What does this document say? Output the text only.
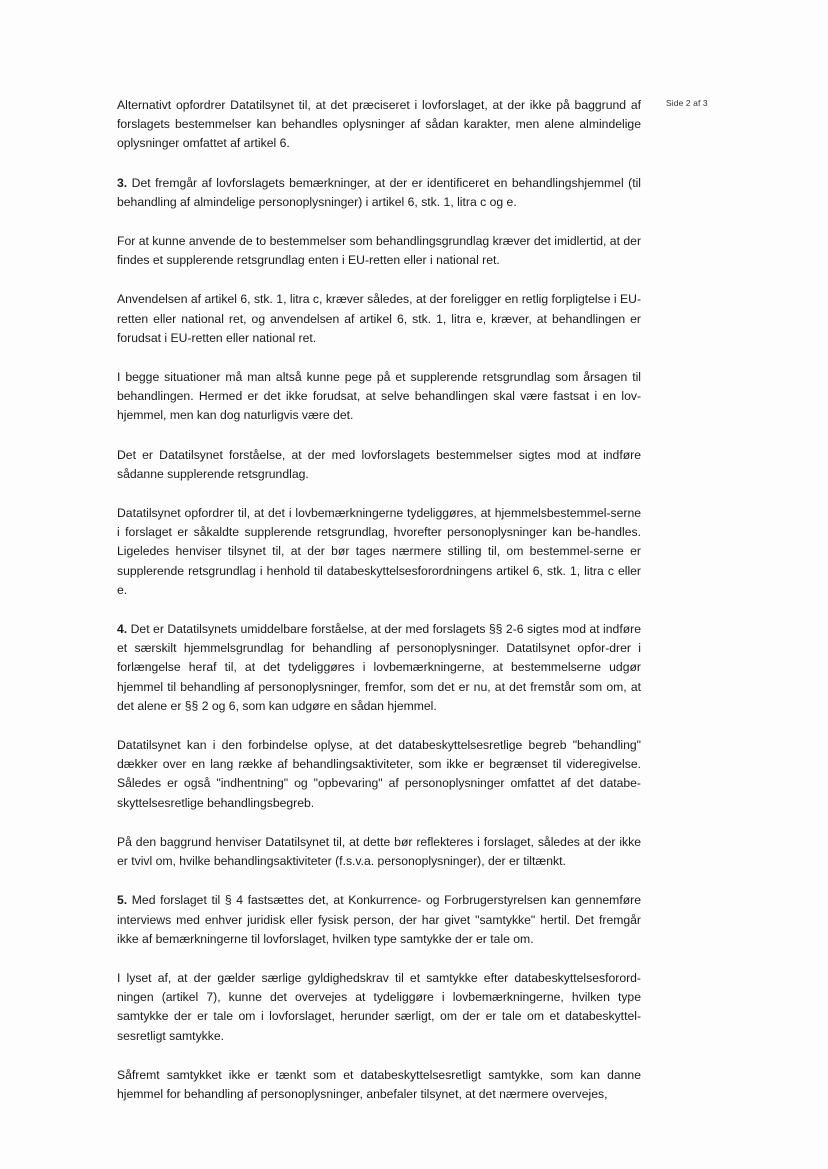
Side 2 af 3

Alternativt opfordrer Datatilsynet til, at det præciseret i lovforslaget, at der ikke på baggrund af forslagets bestemmelser kan behandles oplysninger af sådan karakter, men alene almindelige oplysninger omfattet af artikel 6.

3. Det fremgår af lovforslagets bemærkninger, at der er identificeret en behandlingshjemmel (til behandling af almindelige personoplysninger) i artikel 6, stk. 1, litra c og e.

For at kunne anvende de to bestemmelser som behandlingsgrundlag kræver det imidlertid, at der findes et supplerende retsgrundlag enten i EU-retten eller i national ret.

Anvendelsen af artikel 6, stk. 1, litra c, kræver således, at der foreligger en retlig forpligtelse i EU-retten eller national ret, og anvendelsen af artikel 6, stk. 1, litra e, kræver, at behandlingen er forudsat i EU-retten eller national ret.

I begge situationer må man altså kunne pege på et supplerende retsgrundlag som årsagen til behandlingen. Hermed er det ikke forudsat, at selve behandlingen skal være fastsat i en lov-hjemmel, men kan dog naturligvis være det.

Det er Datatilsynet forståelse, at der med lovforslagets bestemmelser sigtes mod at indføre sådanne supplerende retsgrundlag.

Datatilsynet opfordrer til, at det i lovbemærkningerne tydeliggøres, at hjemmelsbestemmel-serne i forslaget er såkaldte supplerende retsgrundlag, hvorefter personoplysninger kan be-handles. Ligeledes henviser tilsynet til, at der bør tages nærmere stilling til, om bestemmel-serne er supplerende retsgrundlag i henhold til databeskyttelsesforordningens artikel 6, stk. 1, litra c eller e.

4. Det er Datatilsynets umiddelbare forståelse, at der med forslagets §§ 2-6 sigtes mod at indføre et særskilt hjemmelsgrundlag for behandling af personoplysninger. Datatilsynet opfor-drer i forlængelse heraf til, at det tydeliggøres i lovbemærkningerne, at bestemmelserne udgør hjemmel til behandling af personoplysninger, fremfor, som det er nu, at det fremstår som om, at det alene er §§ 2 og 6, som kan udgøre en sådan hjemmel.

Datatilsynet kan i den forbindelse oplyse, at det databeskyttelsesretlige begreb "behandling" dækker over en lang række af behandlingsaktiviteter, som ikke er begrænset til videregivelse. Således er også "indhentning" og "opbevaring" af personoplysninger omfattet af det databe-skyttelsesretlige behandlingsbegreb.

På den baggrund henviser Datatilsynet til, at dette bør reflekteres i forslaget, således at der ikke er tvivl om, hvilke behandlingsaktiviteter (f.s.v.a. personoplysninger), der er tiltænkt.

5. Med forslaget til § 4 fastsættes det, at Konkurrence- og Forbrugerstyrelsen kan gennemføre interviews med enhver juridisk eller fysisk person, der har givet "samtykke" hertil. Det fremgår ikke af bemærkningerne til lovforslaget, hvilken type samtykke der er tale om.

I lyset af, at der gælder særlige gyldighedskrav til et samtykke efter databeskyttelsesforord-ningen (artikel 7), kunne det overvejes at tydeliggøre i lovbemærkningerne, hvilken type samtykke der er tale om i lovforslaget, herunder særligt, om der er tale om et databeskyttel-sesretligt samtykke.

Såfremt samtykket ikke er tænkt som et databeskyttelsesretligt samtykke, som kan danne hjemmel for behandling af personoplysninger, anbefaler tilsynet, at det nærmere overvejes,
